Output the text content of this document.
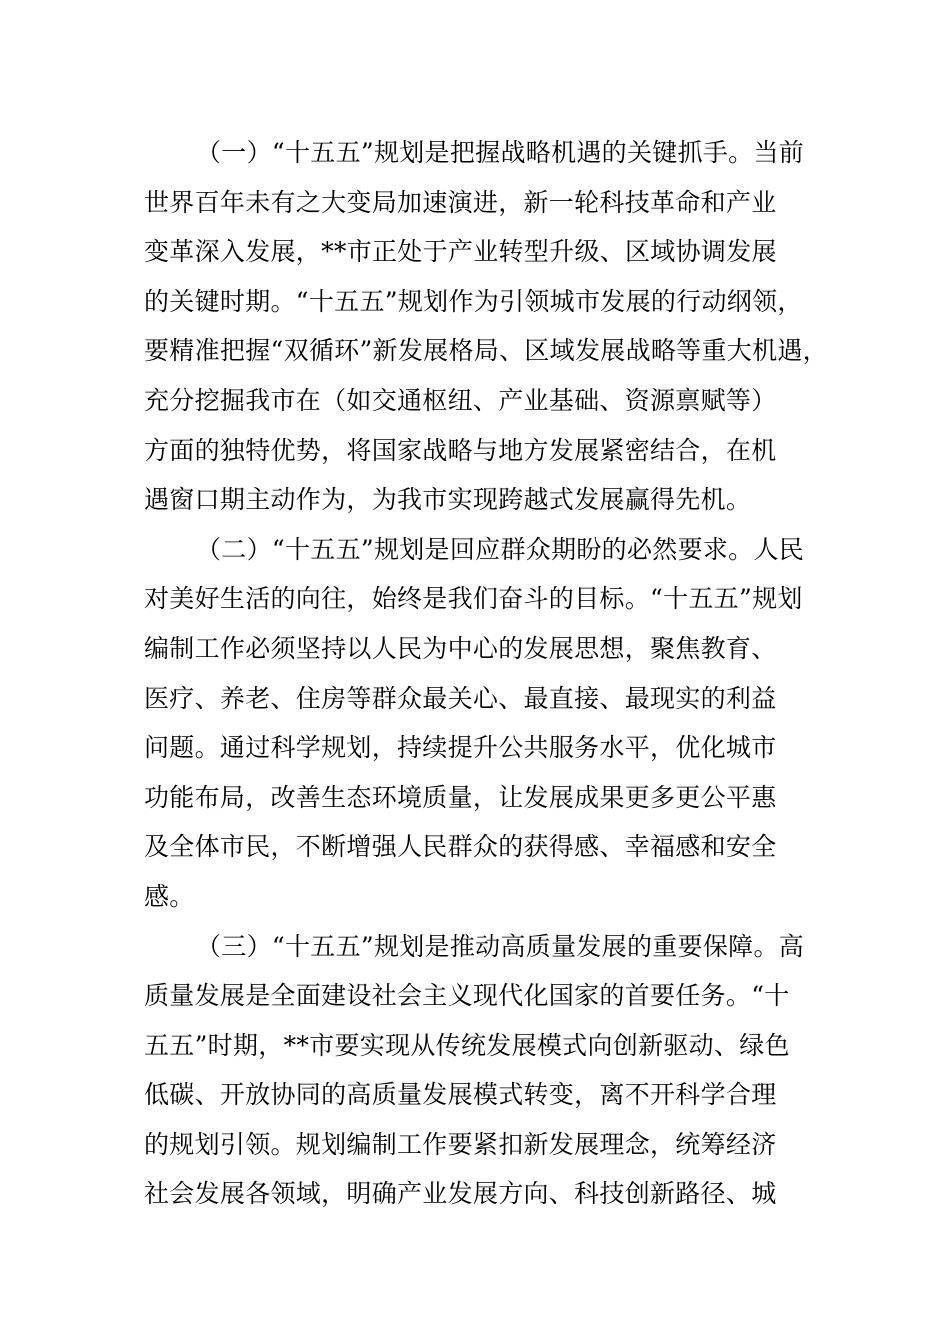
（一）“十五五”规划是把握战略机遇的关键抓手。当前
世界百年未有之大变局加速演进，新一轮科技革命和产业
变革深入发展，**市正处于产业转型升级、区域协调发展
的关键时期。“十五五”规划作为引领城市发展的行动纲领，
要精准把握“双循环”新发展格局、区域发展战略等重大机遇，
充分挖掘我市在（如交通枢纽、产业基础、资源禀赋等）
方面的独特优势，将国家战略与地方发展紧密结合，在机
遇窗口期主动作为，为我市实现跨越式发展赢得先机。
（二）“十五五”规划是回应群众期盼的必然要求。人民
对美好生活的向往，始终是我们奋斗的目标。“十五五”规划
编制工作必须坚持以人民为中心的发展思想，聚焦教育、
医疗、养老、住房等群众最关心、最直接、最现实的利益
问题。通过科学规划，持续提升公共服务水平，优化城市
功能布局，改善生态环境质量，让发展成果更多更公平惠
及全体市民，不断增强人民群众的获得感、幸福感和安全
感。
（三）“十五五”规划是推动高质量发展的重要保障。高
质量发展是全面建设社会主义现代化国家的首要任务。“十
五五”时期，**市要实现从传统发展模式向创新驱动、绿色
低碳、开放协同的高质量发展模式转变，离不开科学合理
的规划引领。规划编制工作要紧扣新发展理念，统筹经济
社会发展各领域，明确产业发展方向、科技创新路径、城
